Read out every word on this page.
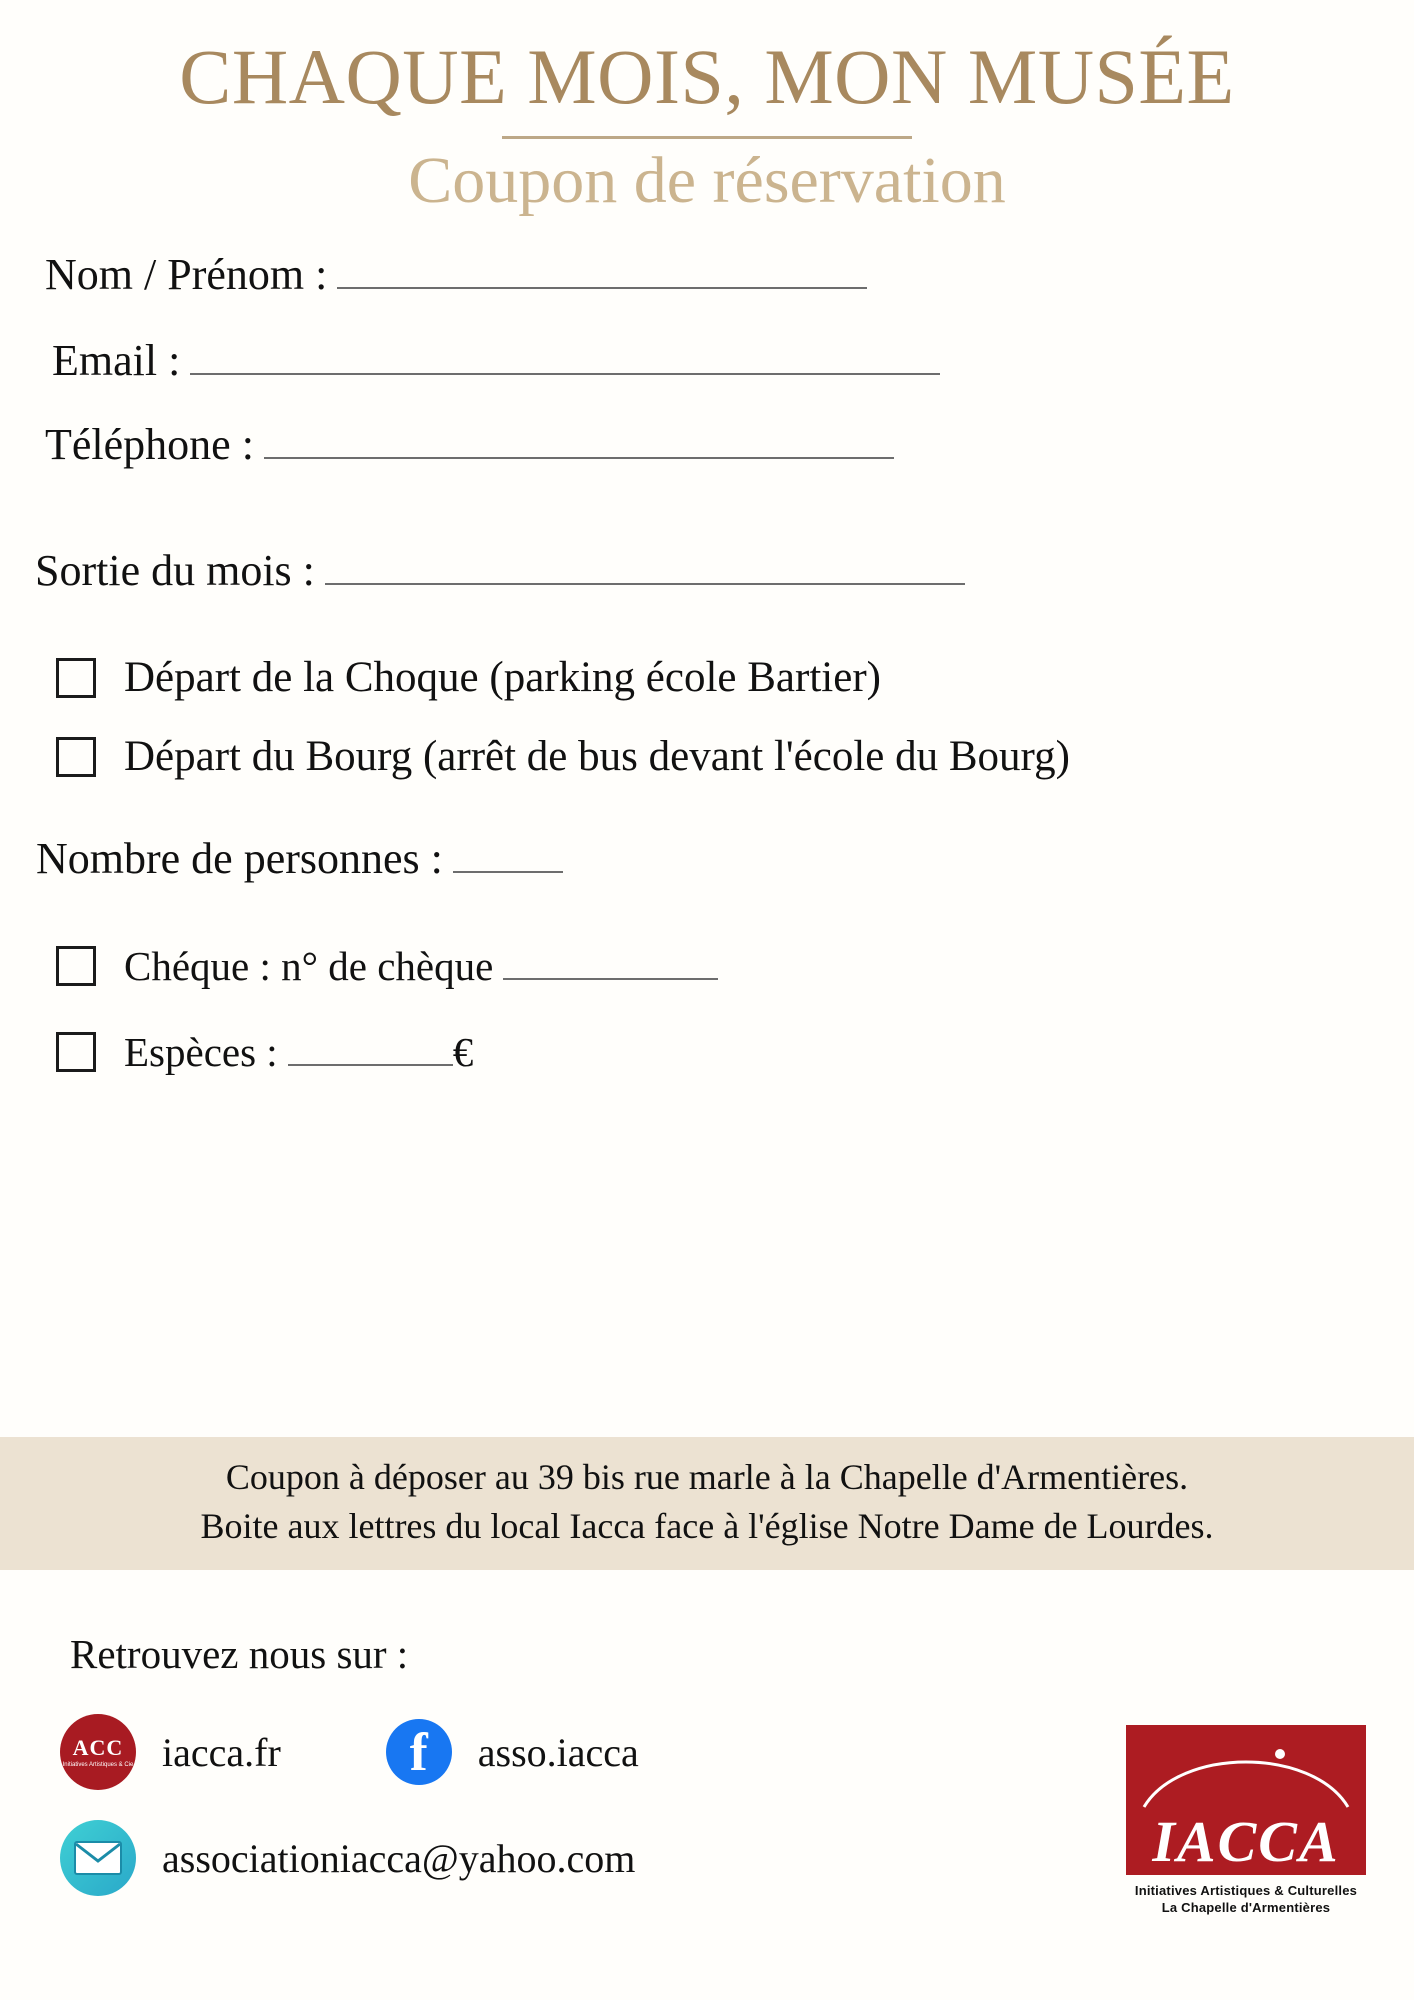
CHAQUE MOIS, MON MUSÉE
Coupon de réservation
Nom / Prénom :
Email :
Téléphone :
Sortie du mois :
Départ de la Choque (parking école Bartier)
Départ du Bourg (arrêt de bus devant l'école du Bourg)
Nombre de personnes :
Chéque : n° de chèque
Espèces :	€
Coupon à déposer au 39 bis rue marle à la Chapelle d'Armentières.
Boite aux lettres du local Iacca face à l'église Notre Dame de Lourdes.
Retrouvez nous sur :
ACC
Initiatives Artistiques & Cie iacca.fr	f	asso.iacca
associationiacca@yahoo.com	IACCA
Initiatives Artistiques & Culturelles
La Chapelle d'Armentières
